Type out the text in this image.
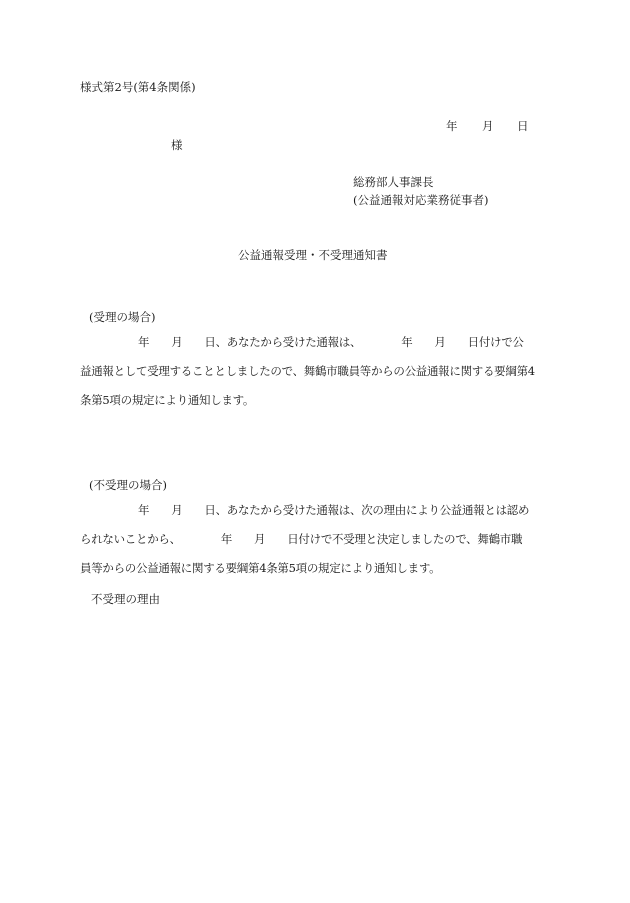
様式第2号(第4条関係)
年 月 日
様
総務部人事課長
(公益通報対応業務従事者)
公益通報受理・不受理通知書
(受理の場合)
年 月 日、あなたから受けた通報は、	年 月 日付けで公
益通報として受理することとしましたので、舞鶴市職員等からの公益通報に関する要綱第4
条第5項の規定により通知します。
(不受理の場合)
年 月 日、あなたから受けた通報は、次の理由により公益通報とは認め
られないことから、	年 月 日付けで不受理と決定しましたので、舞鶴市職
員等からの公益通報に関する要綱第4条第5項の規定により通知します。
不受理の理由
